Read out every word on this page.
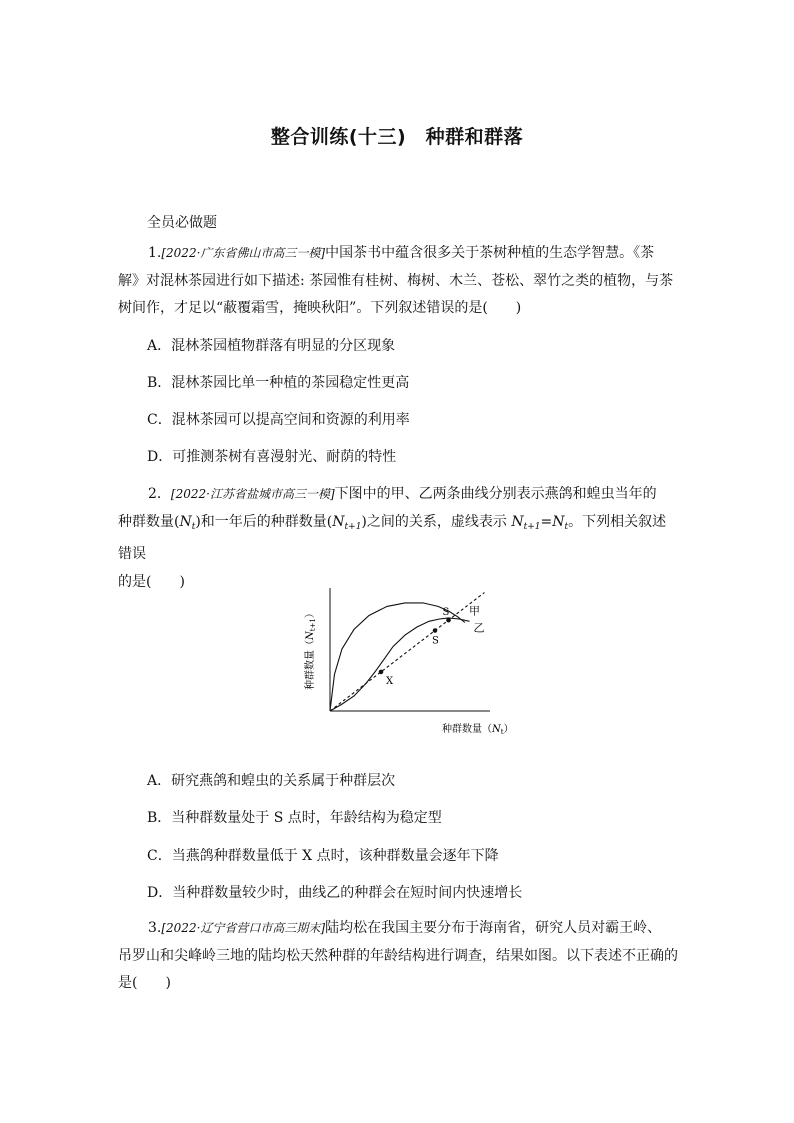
整合训练(十三)　种群和群落
全员必做题
1.[2022·广东省佛山市高三一模]中国茶书中蕴含很多关于茶树种植的生态学智慧。《茶
解》对混林茶园进行如下描述: 茶园惟有桂树、梅树、木兰、苍松、翠竹之类的植物，与茶
树间作，才足以“蔽覆霜雪，掩映秋阳”。下列叙述错误的是(　　)
A．混林茶园植物群落有明显的分区现象
B．混林茶园比单一种植的茶园稳定性更高
C．混林茶园可以提高空间和资源的利用率
D．可推测茶树有喜漫射光、耐荫的特性
2．[2022·江苏省盐城市高三一模]下图中的甲、乙两条曲线分别表示燕鸽和蝗虫当年的
种群数量$(N_t)$和一年后的种群数量$(N_{t+1})$之间的关系，虚线表示 $N_{t+1}=N_t$。下列相关叙述错误
的是(　　)
甲
乙
X
S
S
种群数量$(N_t)$
种群数量$(N_{t+1})$
A．研究燕鸽和蝗虫的关系属于种群层次
B．当种群数量处于 S 点时，年龄结构为稳定型
C．当燕鸽种群数量低于 X 点时，该种群数量会逐年下降
D．当种群数量较少时，曲线乙的种群会在短时间内快速增长
3.[2022·辽宁省营口市高三期末]陆均松在我国主要分布于海南省，研究人员对霸王岭、
吊罗山和尖峰岭三地的陆均松天然种群的年龄结构进行调查，结果如图。以下表述不正确的
是(　　)
